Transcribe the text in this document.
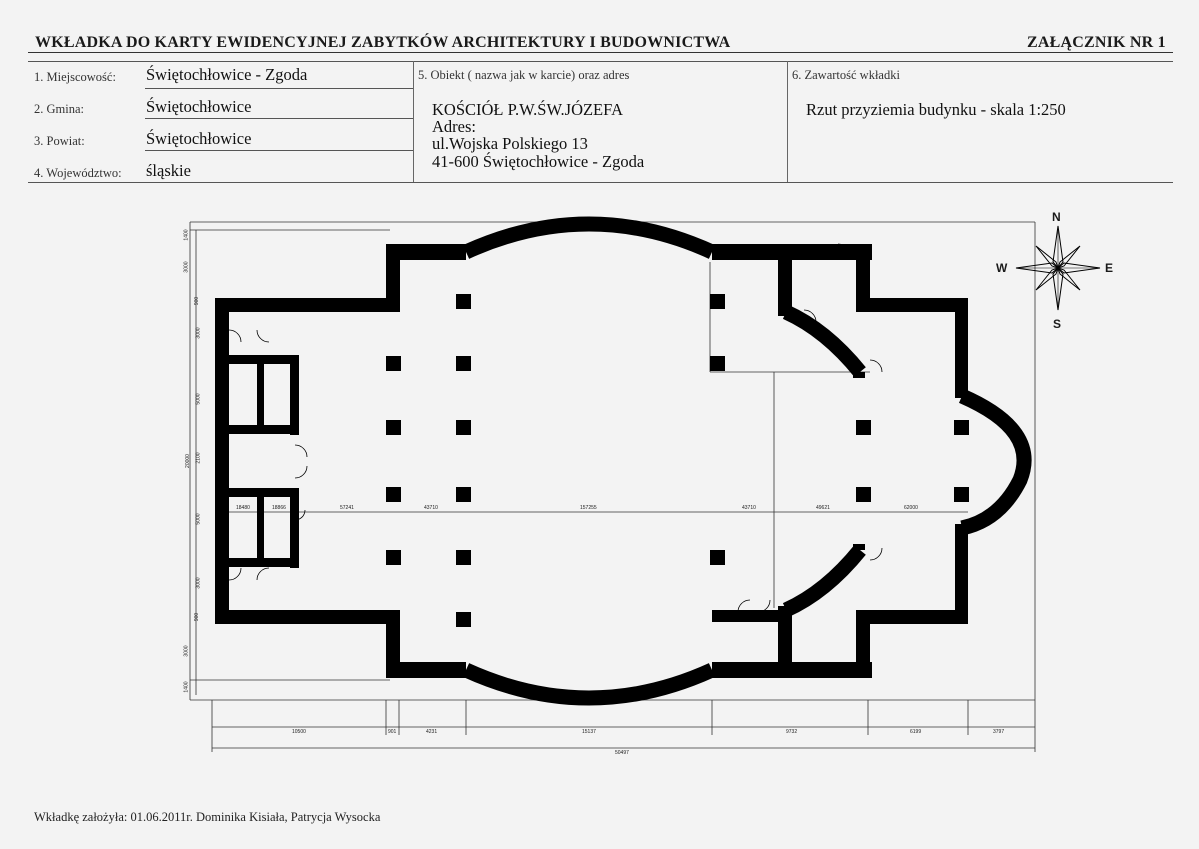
WKŁADKA DO KARTY EWIDENCYJNEJ ZABYTKÓW ARCHITEKTURY I BUDOWNICTWA	ZAŁĄCZNIK NR 1
1. Miejscowość: Świętochłowice - Zgoda
2. Gmina:	Świętochłowice
3. Powiat:	Świętochłowice
4. Województwo: śląskie
5. Obiekt ( nazwa jak w karcie) oraz adres
KOŚCIÓŁ P.W.ŚW.JÓZEFA
Adres:
ul.Wojska Polskiego 13
41-600 Świętochłowice - Zgoda
6. Zawartość wkładki
Rzut przyziemia budynku - skala 1:250
N
S
W	E
18480	18866	57241	43710	157255	43710	49621	62000
10500	901	4231	15137	9732	6199	3797
50497
1400
3000
900
3000
5000
2100
20000
5000
3000
900
3000
1400
Wkładkę założyła: 01.06.2011r. Dominika Kisiała, Patrycja Wysocka
